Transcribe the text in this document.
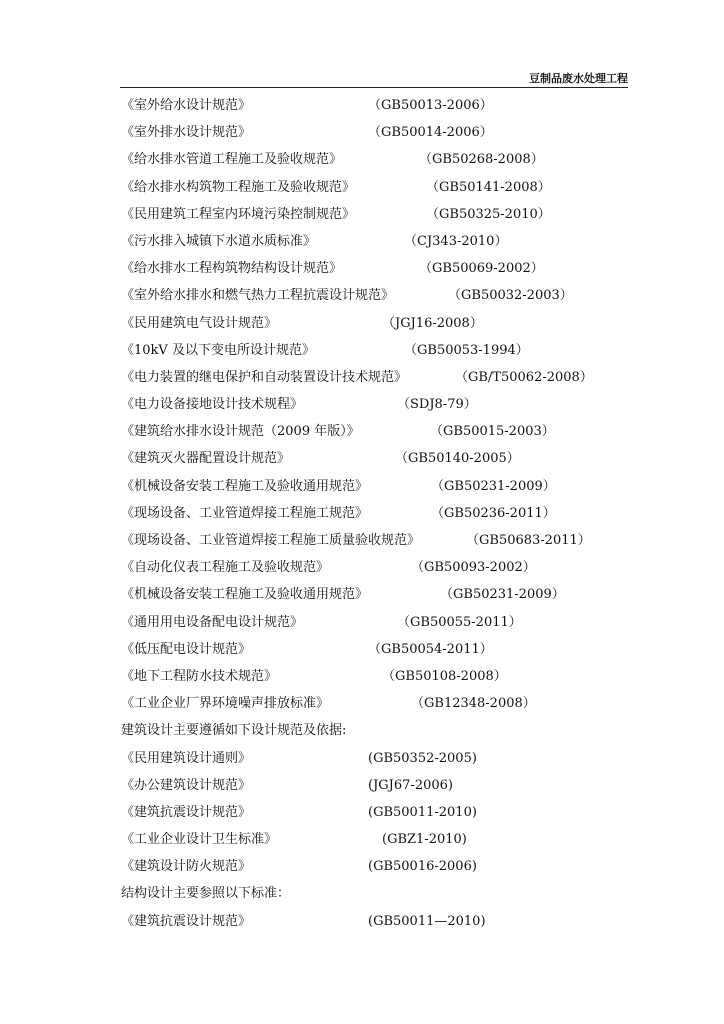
豆制品废水处理工程
《室外给水设计规范》	（GB50013-2006）
《室外排水设计规范》	（GB50014-2006）
《给水排水管道工程施工及验收规范》	（GB50268-2008）
《给水排水构筑物工程施工及验收规范》	（GB50141-2008）
《民用建筑工程室内环境污染控制规范》	（GB50325-2010）
《污水排入城镇下水道水质标准》	（CJ343-2010）
《给水排水工程构筑物结构设计规范》	（GB50069-2002）
《室外给水排水和燃气热力工程抗震设计规范》	（GB50032-2003）
《民用建筑电气设计规范》	（JGJ16-2008）
《10kV 及以下变电所设计规范》	（GB50053-1994）
《电力装置的继电保护和自动装置设计技术规范》	（GB/T50062-2008）
《电力设备接地设计技术规程》	（SDJ8-79）
《建筑给水排水设计规范（2009 年版）》	（GB50015-2003）
《建筑灭火器配置设计规范》	（GB50140-2005）
《机械设备安装工程施工及验收通用规范》	（GB50231-2009）
《现场设备、工业管道焊接工程施工规范》	（GB50236-2011）
《现场设备、工业管道焊接工程施工质量验收规范》	（GB50683-2011）
《自动化仪表工程施工及验收规范》	（GB50093-2002）
《机械设备安装工程施工及验收通用规范》	（GB50231-2009）
《通用用电设备配电设计规范》	（GB50055-2011）
《低压配电设计规范》	（GB50054-2011）
《地下工程防水技术规范》	（GB50108-2008）
《工业企业厂界环境噪声排放标准》	（GB12348-2008）
建筑设计主要遵循如下设计规范及依据:
《民用建筑设计通则》	(GB50352-2005)
《办公建筑设计规范》	(JGJ67-2006)
《建筑抗震设计规范》	(GB50011-2010)
《工业企业设计卫生标准》	(GBZ1-2010)
《建筑设计防火规范》	(GB50016-2006)
结构设计主要参照以下标准：
《建筑抗震设计规范》	(GB50011—2010)
